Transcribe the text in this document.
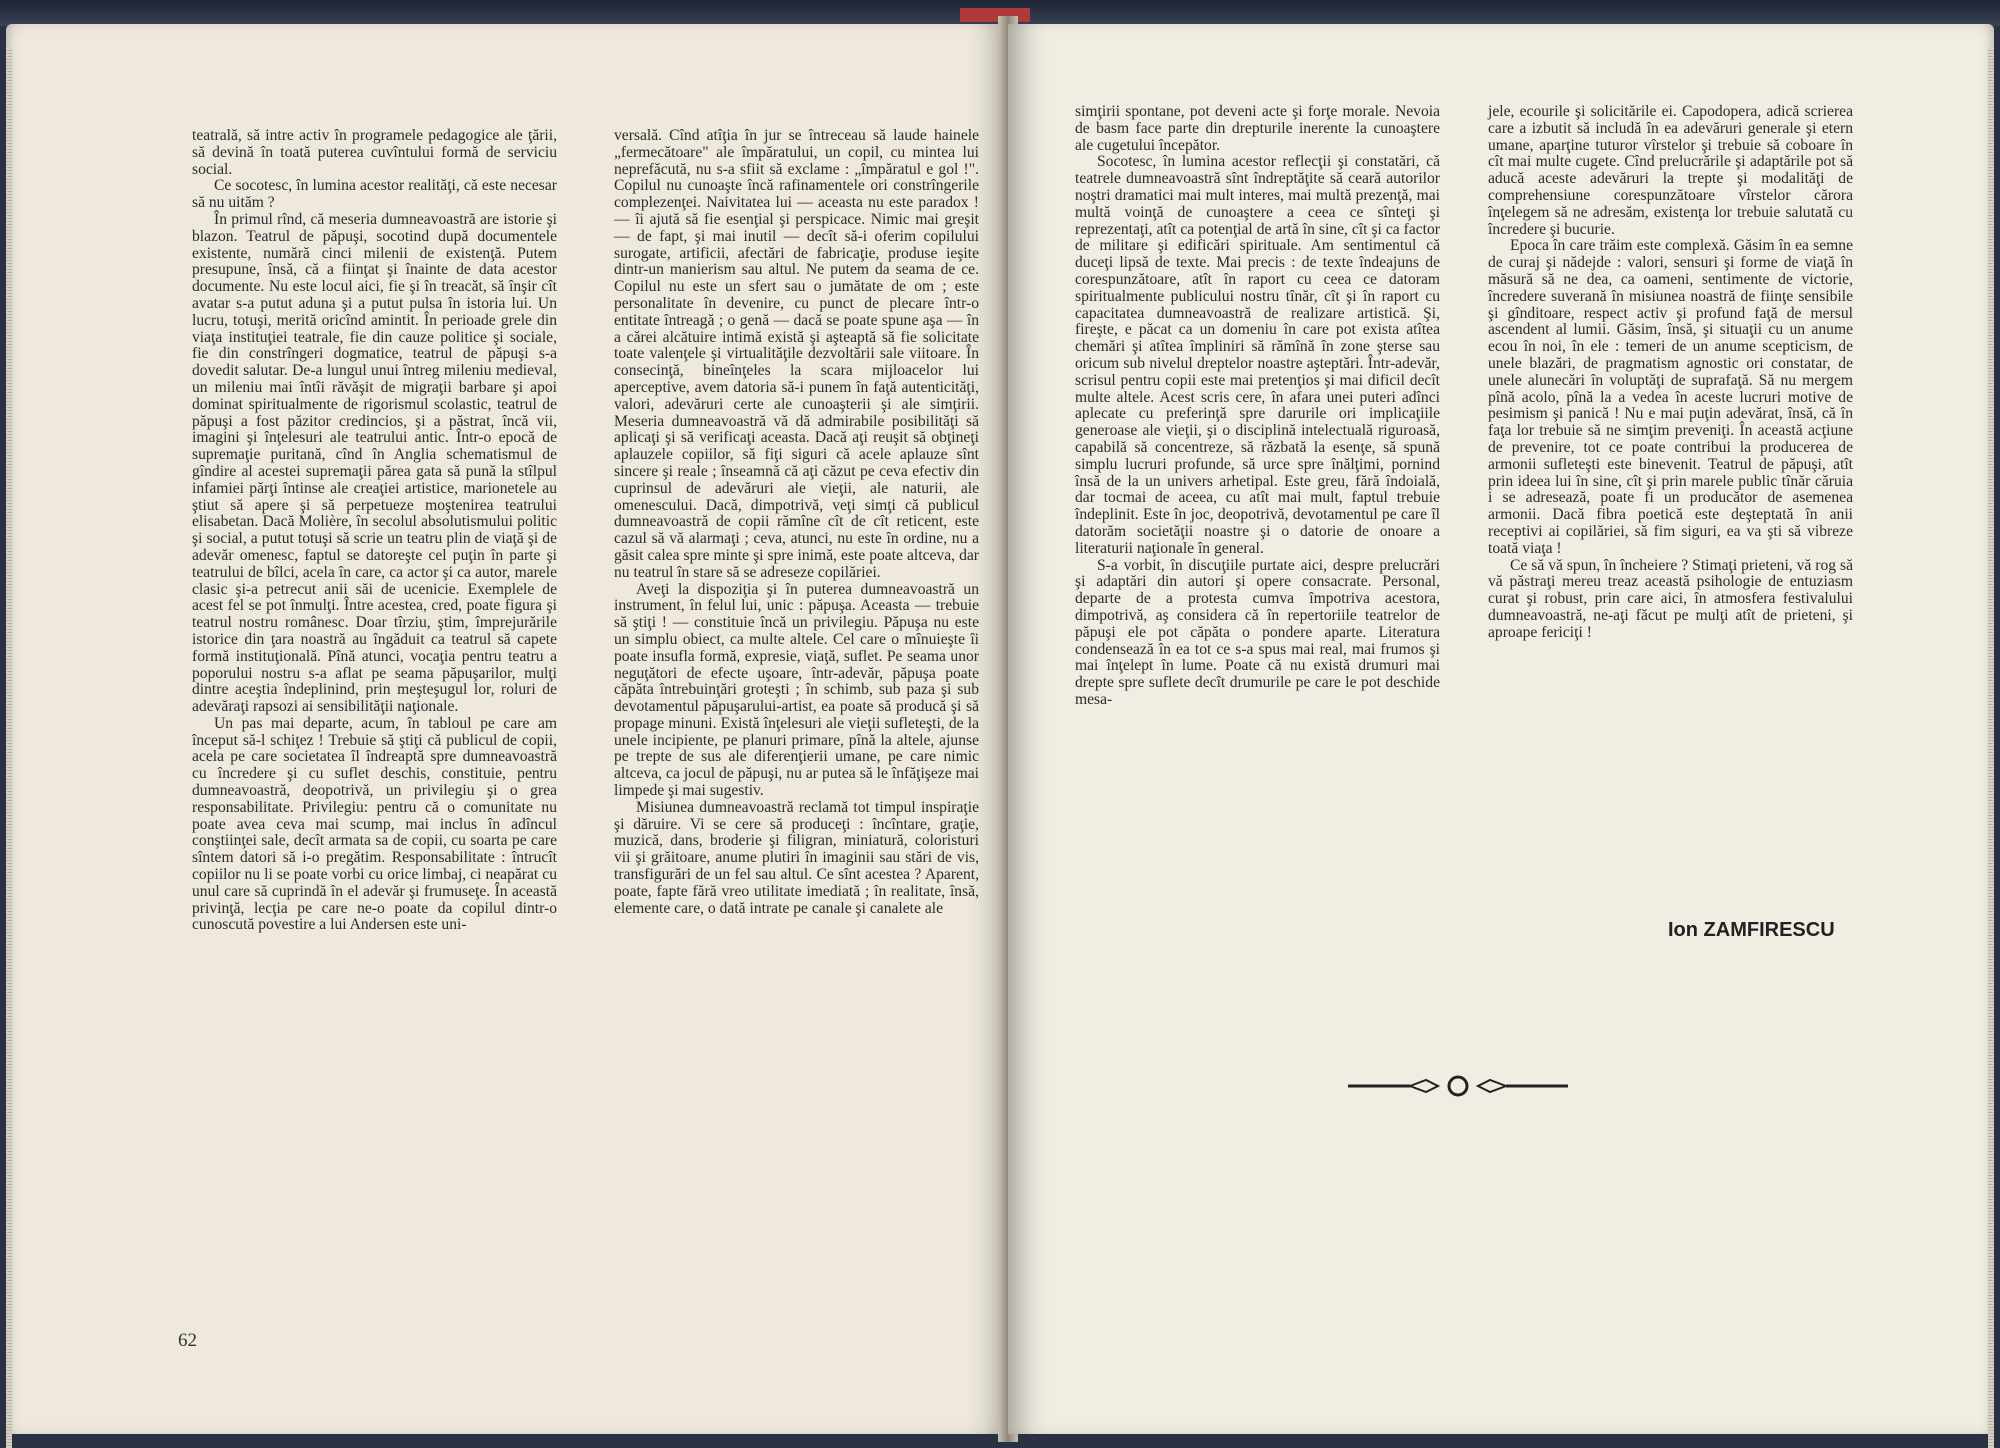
teatrală, să intre activ în programele pedagogice ale ţării, să devină în toată puterea cuvîntului formă de serviciu social.

Ce socotesc, în lumina acestor realităţi, că este necesar să nu uităm ?

În primul rînd, că meseria dumneavoastră are istorie şi blazon. Teatrul de păpuşi, socotind după documentele existente, numără cinci milenii de existenţă. Putem presupune, însă, că a fiinţat şi înainte de data acestor documente. Nu este locul aici, fie şi în treacăt, să înşir cît avatar s-a putut aduna şi a putut pulsa în istoria lui. Un lucru, totuşi, merită oricînd amintit. În perioade grele din viaţa instituţiei teatrale, fie din cauze politice şi sociale, fie din constrîngeri dogmatice, teatrul de păpuşi s-a dovedit salutar. De-a lungul unui întreg mileniu medieval, un mileniu mai întîi răvăşit de migraţii barbare şi apoi dominat spiritualmente de rigorismul scolastic, teatrul de păpuşi a fost păzitor credincios, şi a păstrat, încă vii, imagini şi înţelesuri ale teatrului antic. Într-o epocă de supremaţie puritană, cînd în Anglia schematismul de gîndire al acestei supremaţii părea gata să pună la stîlpul infamiei părţi întinse ale creaţiei artistice, marionetele au ştiut să apere şi să perpetueze moştenirea teatrului elisabetan. Dacă Molière, în secolul absolutismului politic şi social, a putut totuşi să scrie un teatru plin de viaţă şi de adevăr omenesc, faptul se datoreşte cel puţin în parte şi teatrului de bîlci, acela în care, ca actor şi ca autor, marele clasic şi-a petrecut anii săi de ucenicie. Exemplele de acest fel se pot înmulţi. Între acestea, cred, poate figura şi teatrul nostru românesc. Doar tîrziu, ştim, împrejurările istorice din ţara noastră au îngăduit ca teatrul să capete formă instituţională. Pînă atunci, vocaţia pentru teatru a poporului nostru s-a aflat pe seama păpuşarilor, mulţi dintre aceştia îndeplinind, prin meşteşugul lor, roluri de adevăraţi rapsozi ai sensibilităţii naţionale.

Un pas mai departe, acum, în tabloul pe care am început să-l schiţez ! Trebuie să ştiţi că publicul de copii, acela pe care societatea îl îndreaptă spre dumneavoastră cu încredere şi cu suflet deschis, constituie, pentru dumneavoastră, deopotrivă, un privilegiu şi o grea responsabilitate. Privilegiu: pentru că o comunitate nu poate avea ceva mai scump, mai inclus în adîncul conştiinţei sale, decît armata sa de copii, cu soarta pe care sîntem datori să i-o pregătim. Responsabilitate : întrucît copiilor nu li se poate vorbi cu orice limbaj, ci neapărat cu unul care să cuprindă în el adevăr şi frumuseţe. În această privinţă, lecţia pe care ne-o poate da copilul dintr-o cunoscută povestire a lui Andersen este uni-

versală. Cînd atîţia în jur se întreceau să laude hainele „fermecătoare" ale împăratului, un copil, cu mintea lui neprefăcută, nu s-a sfiit să exclame : „împăratul e gol !". Copilul nu cunoaşte încă rafinamentele ori constrîngerile complezenţei. Naivitatea lui — aceasta nu este paradox ! — îi ajută să fie esenţial şi perspicace. Nimic mai greşit — de fapt, şi mai inutil — decît să-i oferim copilului surogate, artificii, afectări de fabricaţie, produse ieşite dintr-un manierism sau altul. Ne putem da seama de ce. Copilul nu este un sfert sau o jumătate de om ; este personalitate în devenire, cu punct de plecare într-o entitate întreagă ; o genă — dacă se poate spune aşa — în a cărei alcătuire intimă există şi aşteaptă să fie solicitate toate valenţele şi virtualităţile dezvoltării sale viitoare. În consecinţă, bineînţeles la scara mijloacelor lui aperceptive, avem datoria să-i punem în faţă autenticităţi, valori, adevăruri certe ale cunoaşterii şi ale simţirii. Meseria dumneavoastră vă dă admirabile posibilităţi să aplicaţi şi să verificaţi aceasta. Dacă aţi reuşit să obţineţi aplauzele copiilor, să fiţi siguri că acele aplauze sînt sincere şi reale ; înseamnă că aţi căzut pe ceva efectiv din cuprinsul de adevăruri ale vieţii, ale naturii, ale omenescului. Dacă, dimpotrivă, veţi simţi că publicul dumneavoastră de copii rămîne cît de cît reticent, este cazul să vă alarmaţi ; ceva, atunci, nu este în ordine, nu a găsit calea spre minte şi spre inimă, este poate altceva, dar nu teatrul în stare să se adreseze copilăriei.

Aveţi la dispoziţia şi în puterea dumneavoastră un instrument, în felul lui, unic : păpuşa. Aceasta — trebuie să ştiţi ! — constituie încă un privilegiu. Păpuşa nu este un simplu obiect, ca multe altele. Cel care o mînuieşte îi poate insufla formă, expresie, viaţă, suflet. Pe seama unor neguţători de efecte uşoare, într-adevăr, păpuşa poate căpăta întrebuinţări groteşti ; în schimb, sub paza şi sub devotamentul păpuşarului-artist, ea poate să producă şi să propage minuni. Există înţelesuri ale vieţii sufleteşti, de la unele incipiente, pe planuri primare, pînă la altele, ajunse pe trepte de sus ale diferenţierii umane, pe care nimic altceva, ca jocul de păpuşi, nu ar putea să le înfăţişeze mai limpede şi mai sugestiv.

Misiunea dumneavoastră reclamă tot timpul inspiraţie şi dăruire. Vi se cere să produceţi : încîntare, graţie, muzică, dans, broderie şi filigran, miniatură, coloristuri vii şi grăitoare, anume plutiri în imaginii sau stări de vis, transfigurări de un fel sau altul. Ce sînt acestea ? Aparent, poate, fapte fără vreo utilitate imediată ; în realitate, însă, elemente care, o dată intrate pe canale şi canalete ale

62

simţirii spontane, pot deveni acte şi forţe morale. Nevoia de basm face parte din drepturile inerente la cunoaştere ale cugetului începător.

Socotesc, în lumina acestor reflecţii şi constatări, că teatrele dumneavoastră sînt îndreptăţite să ceară autorilor noştri dramatici mai mult interes, mai multă prezenţă, mai multă voinţă de cunoaştere a ceea ce sînteţi şi reprezentaţi, atît ca potenţial de artă în sine, cît şi ca factor de militare şi edificări spirituale. Am sentimentul că duceţi lipsă de texte. Mai precis : de texte îndeajuns de corespunzătoare, atît în raport cu ceea ce datoram spiritualmente publicului nostru tînăr, cît şi în raport cu capacitatea dumneavoastră de realizare artistică. Şi, fireşte, e păcat ca un domeniu în care pot exista atîtea chemări şi atîtea împliniri să rămînă în zone şterse sau oricum sub nivelul dreptelor noastre aşteptări. Într-adevăr, scrisul pentru copii este mai pretenţios şi mai dificil decît multe altele. Acest scris cere, în afara unei puteri adînci aplecate cu preferinţă spre darurile ori implicaţiile generoase ale vieţii, şi o disciplină intelectuală riguroasă, capabilă să concentreze, să răzbată la esenţe, să spună simplu lucruri profunde, să urce spre înălţimi, pornind însă de la un univers arhetipal. Este greu, fără îndoială, dar tocmai de aceea, cu atît mai mult, faptul trebuie îndeplinit. Este în joc, deopotrivă, devotamentul pe care îl datorăm societăţii noastre şi o datorie de onoare a literaturii naţionale în general.

S-a vorbit, în discuţiile purtate aici, despre prelucrări şi adaptări din autori şi opere consacrate. Personal, departe de a protesta cumva împotriva acestora, dimpotrivă, aş considera că în repertoriile teatrelor de păpuşi ele pot căpăta o pondere aparte. Literatura condensează în ea tot ce s-a spus mai real, mai frumos şi mai înţelept în lume. Poate că nu există drumuri mai drepte spre suflete decît drumurile pe care le pot deschide mesa-

jele, ecourile şi solicitările ei. Capodopera, adică scrierea care a izbutit să includă în ea adevăruri generale şi etern umane, aparţine tuturor vîrstelor şi trebuie să coboare în cît mai multe cugete. Cînd prelucrările şi adaptările pot să aducă aceste adevăruri la trepte şi modalităţi de comprehensiune corespunzătoare vîrstelor cărora înţelegem să ne adresăm, existenţa lor trebuie salutată cu încredere şi bucurie.

Epoca în care trăim este complexă. Găsim în ea semne de curaj şi nădejde : valori, sensuri şi forme de viaţă în măsură să ne dea, ca oameni, sentimente de victorie, încredere suverană în misiunea noastră de fiinţe sensibile şi gînditoare, respect activ şi profund faţă de mersul ascendent al lumii. Găsim, însă, şi situaţii cu un anume ecou în noi, în ele : temeri de un anume scepticism, de unele blazări, de pragmatism agnostic ori constatar, de unele alunecări în voluptăţi de suprafaţă. Să nu mergem pînă acolo, pînă la a vedea în aceste lucruri motive de pesimism şi panică ! Nu e mai puţin adevărat, însă, că în faţa lor trebuie să ne simţim preveniţi. În această acţiune de prevenire, tot ce poate contribui la producerea de armonii sufleteşti este binevenit. Teatrul de păpuşi, atît prin ideea lui în sine, cît şi prin marele public tînăr căruia i se adresează, poate fi un producător de asemenea armonii. Dacă fibra poetică este deşteptată în anii receptivi ai copilăriei, să fim siguri, ea va şti să vibreze toată viaţa !

Ce să vă spun, în încheiere ? Stimaţi prieteni, vă rog să vă păstraţi mereu treaz această psihologie de entuziasm curat şi robust, prin care aici, în atmosfera festivalului dumneavoastră, ne-aţi făcut pe mulţi atît de prieteni, şi aproape fericiţi !

Ion ZAMFIRESCU
